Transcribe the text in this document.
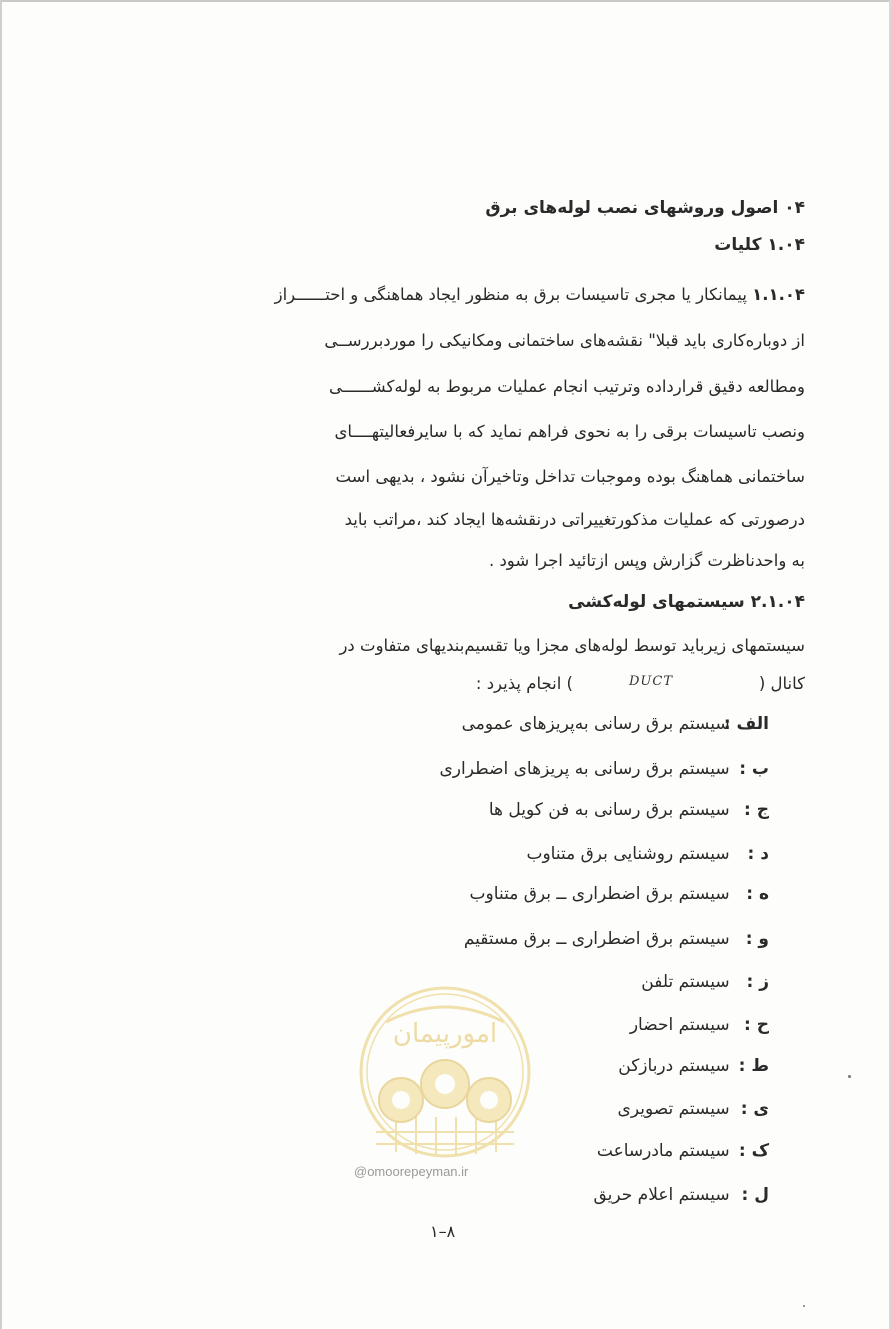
۰۴ اصول وروشهای نصب لوله‌های برق
۱.۰۴ کلیات
۱.۱.۰۴ پیمانکار یا مجری تاسیسات برق به منظور ایجاد هماهنگی و احتــــــراز
از دوباره‌کاری باید قبلا" نقشه‌های ساختمانی ومکانیکی را موردبررســی
ومطالعه دقیق قرارداده وترتیب انجام عملیات مربوط به لوله‌کشــــــی
ونصب تاسیسات برقی را به نحوی فراهم نماید که با سایرفعالیتهــــای
ساختمانی هماهنگ بوده وموجبات تداخل وتاخیرآن نشود ، بدیهی است
درصورتی که عملیات مذکورتغییراتی درنقشه‌ها ایجاد کند ،مراتب باید
به واحدناظرت گزارش وپس ازتائید اجرا شود .
۲.۱.۰۴ سیستمهای لوله‌کشی
سیستمهای زیرباید توسط لوله‌های مجزا ویا تقسیم‌بندیهای متفاوت در
کانال (
DUCT
) انجام پذیرد :
الف : سیستم برق رسانی به‌پریزهای عمومی
ب : سیستم برق رسانی به پریزهای اضطراری
ج : سیستم برق رسانی به فن کویل ها
د : سیستم روشنایی برق متناوب
ه : سیستم برق اضطراری ــ برق متناوب
و : سیستم برق اضطراری ــ برق مستقیم
ز : سیستم تلفن
ح : سیستم احضار
ط : سیستم دربازکن
ی : سیستم تصویری
ک : سیستم مادرساعت
ل : سیستم اعلام حریق
امورپیمان
@omoorepeyman.ir
۸–۱
